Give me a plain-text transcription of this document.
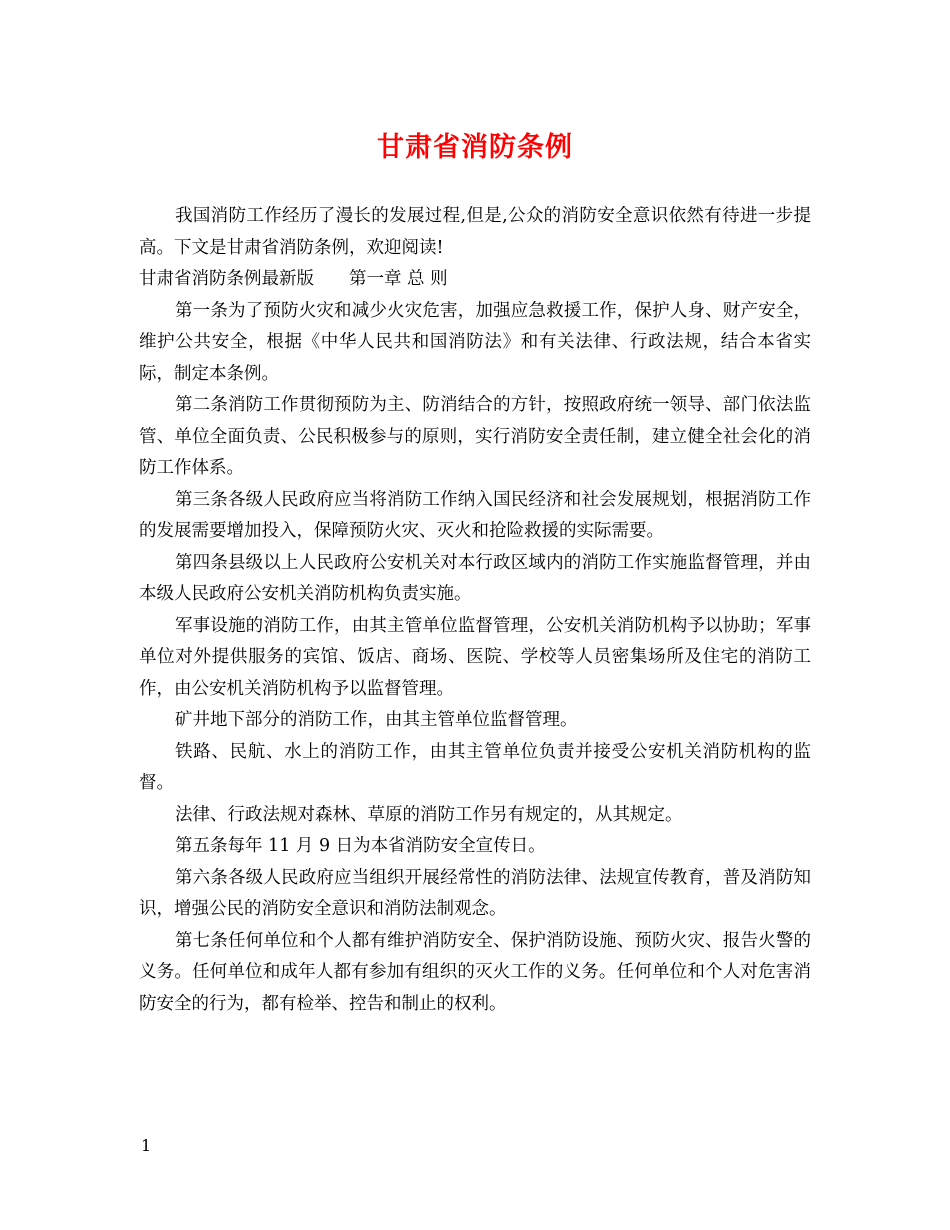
甘肃省消防条例

我国消防工作经历了漫长的发展过程,但是,公众的消防安全意识依然有待进一步提高。下文是甘肃省消防条例，欢迎阅读!

甘肃省消防条例最新版　　第一章 总 则

第一条为了预防火灾和减少火灾危害，加强应急救援工作，保护人身、财产安全，维护公共安全，根据《中华人民共和国消防法》和有关法律、行政法规，结合本省实际，制定本条例。

第二条消防工作贯彻预防为主、防消结合的方针，按照政府统一领导、部门依法监管、单位全面负责、公民积极参与的原则，实行消防安全责任制，建立健全社会化的消防工作体系。

第三条各级人民政府应当将消防工作纳入国民经济和社会发展规划，根据消防工作的发展需要增加投入，保障预防火灾、灭火和抢险救援的实际需要。

第四条县级以上人民政府公安机关对本行政区域内的消防工作实施监督管理，并由本级人民政府公安机关消防机构负责实施。

军事设施的消防工作，由其主管单位监督管理，公安机关消防机构予以协助；军事单位对外提供服务的宾馆、饭店、商场、医院、学校等人员密集场所及住宅的消防工作，由公安机关消防机构予以监督管理。

矿井地下部分的消防工作，由其主管单位监督管理。

铁路、民航、水上的消防工作，由其主管单位负责并接受公安机关消防机构的监督。

法律、行政法规对森林、草原的消防工作另有规定的，从其规定。

第五条每年 11 月 9 日为本省消防安全宣传日。

第六条各级人民政府应当组织开展经常性的消防法律、法规宣传教育，普及消防知识，增强公民的消防安全意识和消防法制观念。

第七条任何单位和个人都有维护消防安全、保护消防设施、预防火灾、报告火警的义务。任何单位和成年人都有参加有组织的灭火工作的义务。任何单位和个人对危害消防安全的行为，都有检举、控告和制止的权利。

1
